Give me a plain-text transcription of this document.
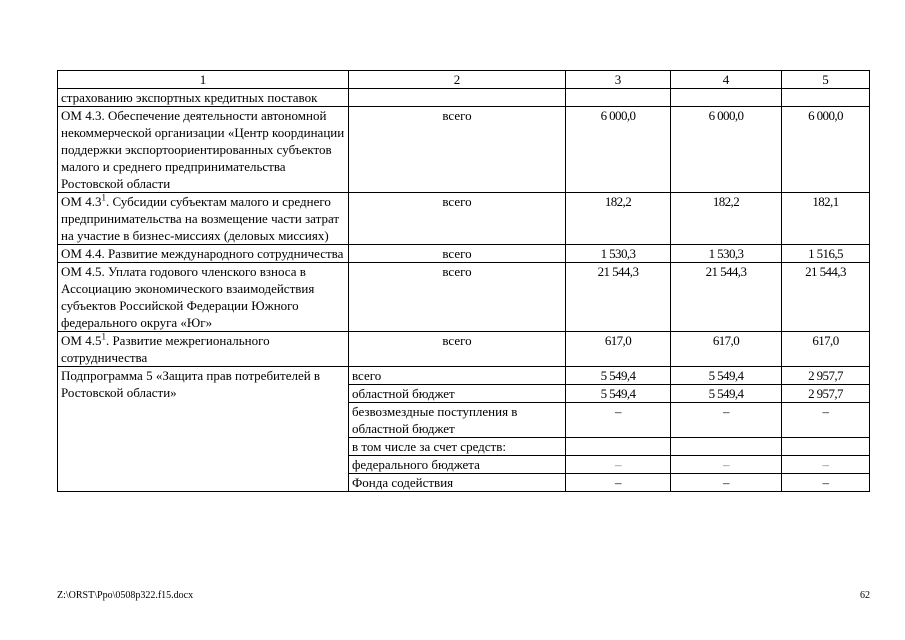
1	2	3	4	5
страхованию экспортных кредитных поставок				
ОМ 4.3. Обеспечение деятельности автономной некоммерческой организации «Центр координации поддержки экспортоориентированных субъектов малого и среднего предпринимательства Ростовской области	всего	6 000,0	6 000,0	6 000,0
ОМ $4.3^1$. Субсидии субъектам малого и среднего предпринимательства на возмещение части затрат на участие в бизнес-миссиях (деловых миссиях)	всего	182,2	182,2	182,1
ОМ 4.4. Развитие международного сотрудничества	всего	1 530,3	1 530,3	1 516,5
ОМ 4.5. Уплата годового членского взноса в Ассоциацию экономического взаимодействия субъектов Российской Федерации Южного федерального округа «Юг»	всего	21 544,3	21 544,3	21 544,3
ОМ $4.5^1$. Развитие межрегионального сотрудничества	всего	617,0	617,0	617,0
Подпрограмма 5 «Защита прав потребителей в Ростовской области»	всего	5 549,4	5 549,4	2 957,7
	областной бюджет	5 549,4	5 549,4	2 957,7
	безвозмездные поступления в областной бюджет	–	–	–
	в том числе за счет средств:			
	федерального бюджета	–	–	–
	Фонда содействия	–	–	–
Z:\ORST\Ppo\0508p322.f15.docx	62
